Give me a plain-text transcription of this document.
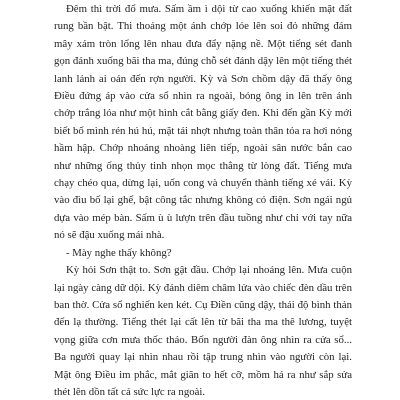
Đêm thì trời đổ mưa. Sấm ầm ì dội từ cao xuống khiến mặt đất rung bần bật. Thi thoảng một ánh chớp lóe lên soi đỏ những đám mây xám tròn lổng lên nhau đưa đẩy nặng nề. Một tiếng sét đanh gọn đánh xuống bãi tha ma, đúng chỗ sét đánh dậy lên một tiếng thét lanh lảnh ai oán đến rợn người. Kỳ và Sơn chồm dậy đã thấy ông Điều đứng áp vào cửa sổ nhìn ra ngoài, bóng ông in lên trên ánh chớp trắng lóa như một hình cắt bằng giấy đen. Khi đến gần Kỳ mới biết bố mình rén hú hú, mặt tái nhợt nhưng toàn thân tỏa ra hơi nóng hầm hập. Chớp nhoáng nhoàng liên tiếp, ngoài sân nước bắn cao như những ống thủy tinh nhọn mọc thẳng từ lòng đất. Tiếng mưa chạy chéo qua, dừng lại, uốn cong và chuyển thành tiếng xé vải. Kỳ vào đìu bố lại ghế, bật công tắc nhưng không có điện. Sơn ngái ngủ dựa vào mép bàn. Sấm ù ù lượn trên đầu tuồng như chỉ với tay nữa nó sẽ đậu xuống mái nhà.

- Mày nghe thấy không?

Kỳ hỏi Sơn thật to. Sơn gật đầu. Chớp lại nhoáng lên. Mưa cuộn lại ngày càng dữ dội. Kỳ đánh diêm châm lửa vào chiếc đèn dầu trên ban thờ. Cửa sổ nghiến ken két. Cụ Điền cũng dậy, thái độ bình thản đến lạ thường. Tiếng thét lại cất lên từ bãi tha ma thê lương, tuyệt vọng giữa cơn mưa thốc tháo. Bốn người đàn ông nhìn ra cửa sổ... Ba người quay lại nhìn nhau rồi tập trung nhìn vào người còn lại. Mặt ông Điều im phắc, mắt giãn to hết cỡ, mồm há ra như sắp sửa thét lên dồn tất cả sức lực ra ngoài.
